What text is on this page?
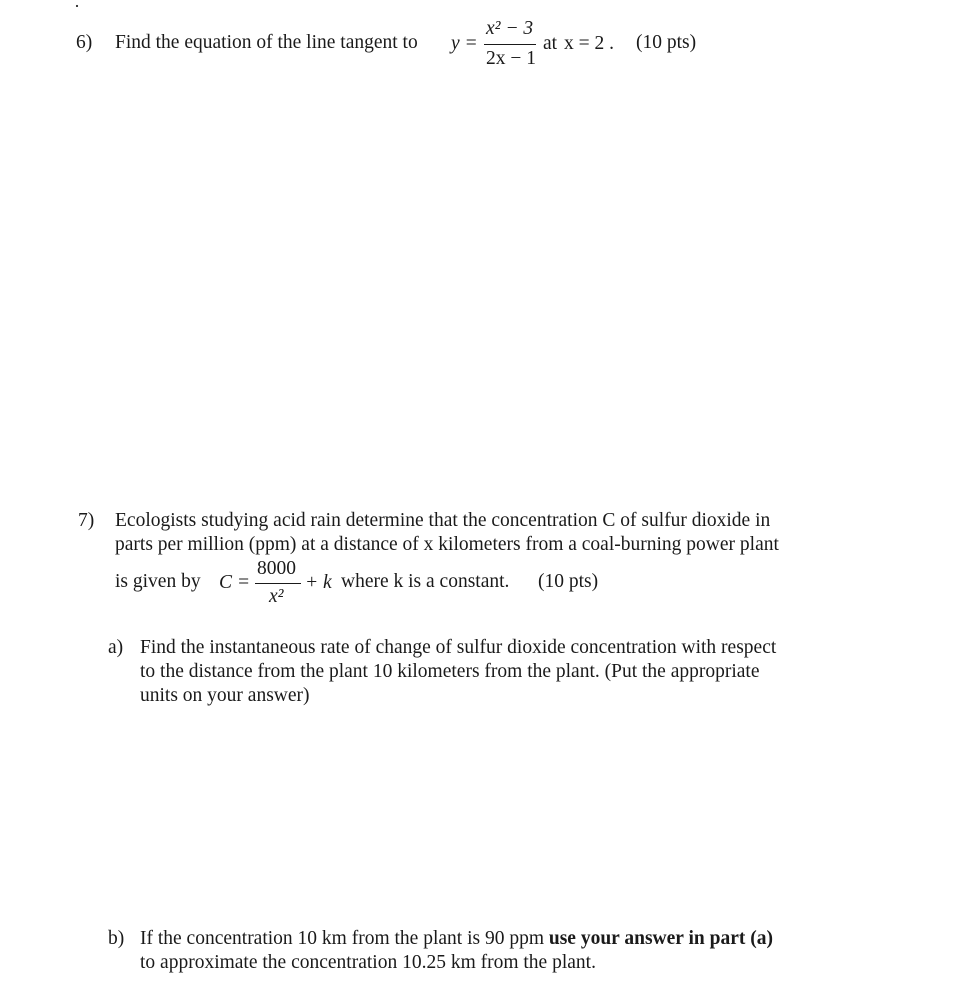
·
6) Find the equation of the line tangent to y =
x² − 3
2x − 1
at x = 2 . (10 pts)
7) Ecologists studying acid rain determine that the concentration C of sulfur dioxide in
parts per million (ppm) at a distance of x kilometers from a coal-burning power plant
is given by C =
8000
x²
+ k where k is a constant. (10 pts)
a) Find the instantaneous rate of change of sulfur dioxide concentration with respect
to the distance from the plant 10 kilometers from the plant. (Put the appropriate
units on your answer)
b) If the concentration 10 km from the plant is 90 ppm use your answer in part (a)
to approximate the concentration 10.25 km from the plant.
